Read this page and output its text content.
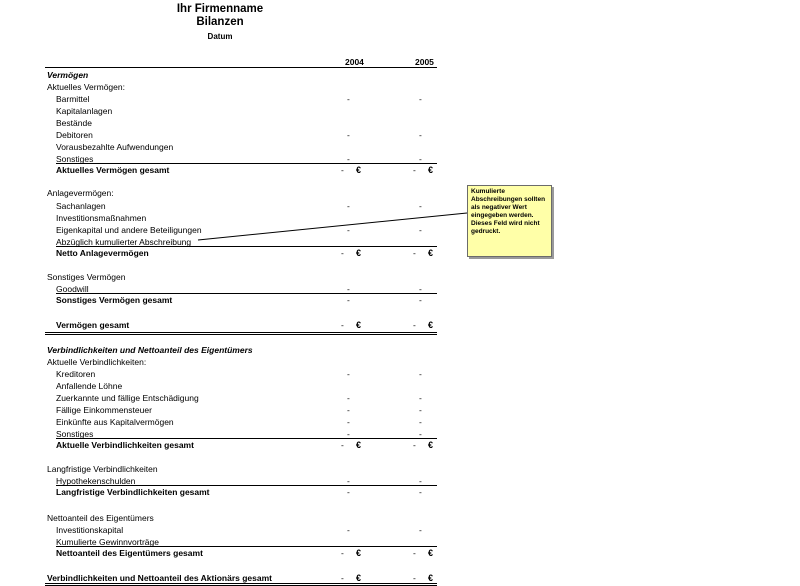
Ihr Firmenname
Bilanzen
Datum
2004	2005
Vermögen
Aktuelles Vermögen:
Barmittel	-	-
Kapitalanlagen
Bestände
Debitoren	-	-
Vorausbezahlte Aufwendungen
Sonstiges	-	-
Aktuelles Vermögen gesamt	- €	- €
Anlagevermögen:
Sachanlagen	-	-
Investitionsmaßnahmen
Eigenkapital und andere Beteiligungen	-	-
Abzüglich kumulierter Abschreibung
Netto Anlagevermögen	- €	- €
Sonstiges Vermögen
Goodwill	-	-
Sonstiges Vermögen gesamt	-	-
Vermögen gesamt	- €	- €
Verbindlichkeiten und Nettoanteil des Eigentümers
Aktuelle Verbindlichkeiten:
Kreditoren	-	-
Anfallende Löhne
Zuerkannte und fällige Entschädigung	-	-
Fällige Einkommensteuer	-	-
Einkünfte aus Kapitalvermögen	-	-
Sonstiges	-	-
Aktuelle Verbindlichkeiten gesamt	- €	- €
Langfristige Verbindlichkeiten
Hypothekenschulden	-	-
Langfristige Verbindlichkeiten gesamt	-	-
Nettoanteil des Eigentümers
Investitionskapital	-	-
Kumulierte Gewinnvorträge
Nettoanteil des Eigentümers gesamt	- €	- €
Verbindlichkeiten und Nettoanteil des Aktionärs gesamt	- €	- €
Kumulierte
Abschreibungen sollten
als negativer Wert
eingegeben werden.
Dieses Feld wird nicht
gedruckt.
